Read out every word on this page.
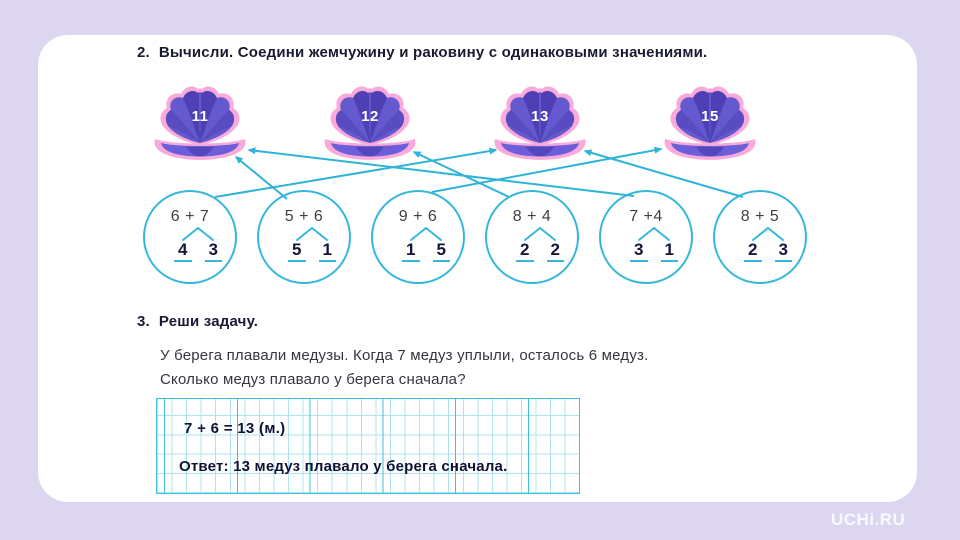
2. Вычисли. Соедини жемчужину и раковину с одинаковыми значениями.
11	12	13	15
6 + 7
4 3
5 + 6
5 1
9 + 6
1 5
8 + 4
2 2
7 +4
3 1
8 + 5
2 3
3. Реши задачу.
У берега плавали медузы. Когда 7 медуз уплыли, осталось 6 медуз.
Сколько медуз плавало у берега сначала?
7 + 6 = 13 (м.)
Ответ: 13 медуз плавало у берега сначала.
UCHi.RU
